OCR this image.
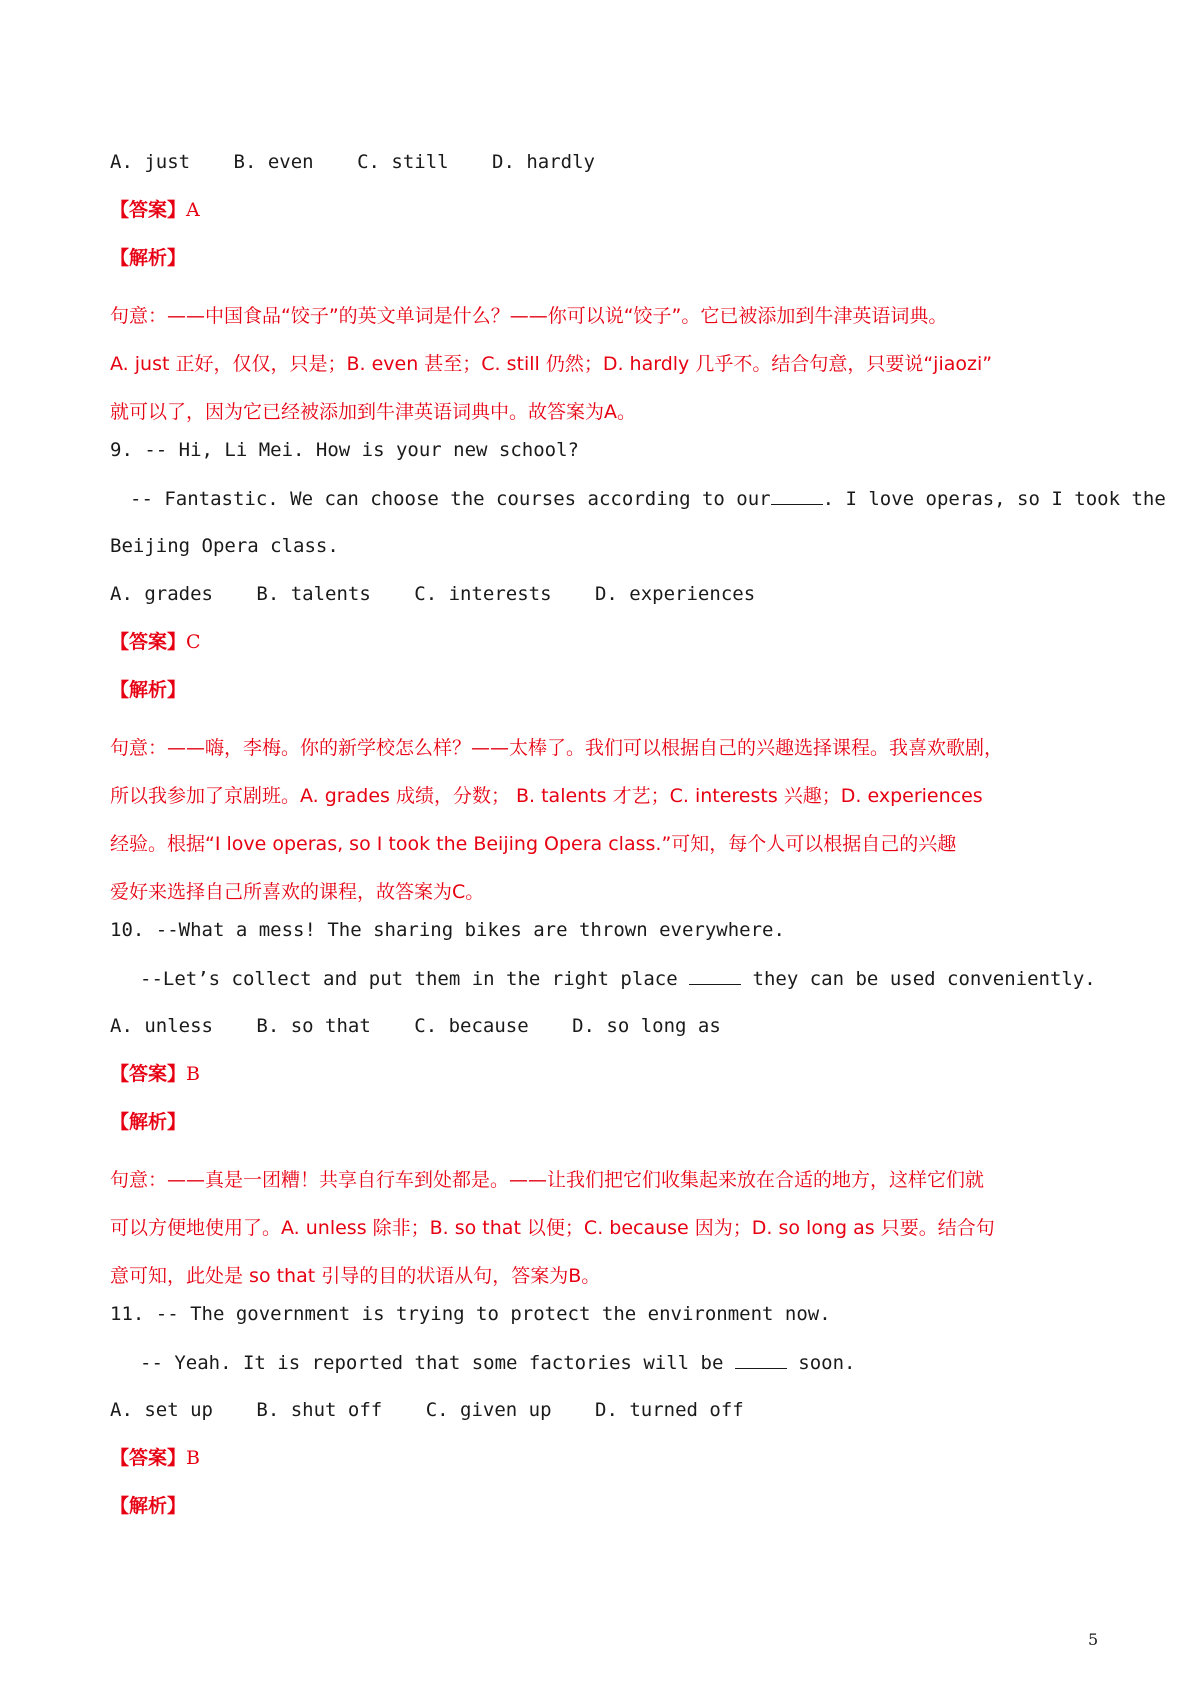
A. just B. even C. still D. hardly
【答案】A
【解析】
句意：——中国食品“饺子”的英文单词是什么？——你可以说“饺子”。它已被添加到牛津英语词典。
A. just 正好，仅仅，只是；B. even 甚至；C. still 仍然；D. hardly 几乎不。结合句意，只要说“jiaozi”
就可以了，因为它已经被添加到牛津英语词典中。故答案为A。
9. -- Hi, Li Mei. How is your new school?
-- Fantastic. We can choose the courses according to our	. I love operas, so I took the
Beijing Opera class.
A. grades B. talents C. interests D. experiences
【答案】C
【解析】
句意：——嗨，李梅。你的新学校怎么样？——太棒了。我们可以根据自己的兴趣选择课程。我喜欢歌剧，
所以我参加了京剧班。A. grades 成绩，分数； B. talents 才艺；C. interests 兴趣；D. experiences
经验。根据“I love operas, so I took the Beijing Opera class.”可知，每个人可以根据自己的兴趣
爱好来选择自己所喜欢的课程，故答案为C。
10. --What a mess! The sharing bikes are thrown everywhere.
--Let’s collect and put them in the right place	they can be used conveniently.
A. unless B. so that C. because D. so long as
【答案】B
【解析】
句意：——真是一团糟！共享自行车到处都是。——让我们把它们收集起来放在合适的地方，这样它们就
可以方便地使用了。A. unless 除非；B. so that 以便；C. because 因为；D. so long as 只要。结合句
意可知，此处是 so that 引导的目的状语从句，答案为B。
11. -- The government is trying to protect the environment now.
-- Yeah. It is reported that some factories will be	soon.
A. set up B. shut off C. given up D. turned off
【答案】B
【解析】
5
